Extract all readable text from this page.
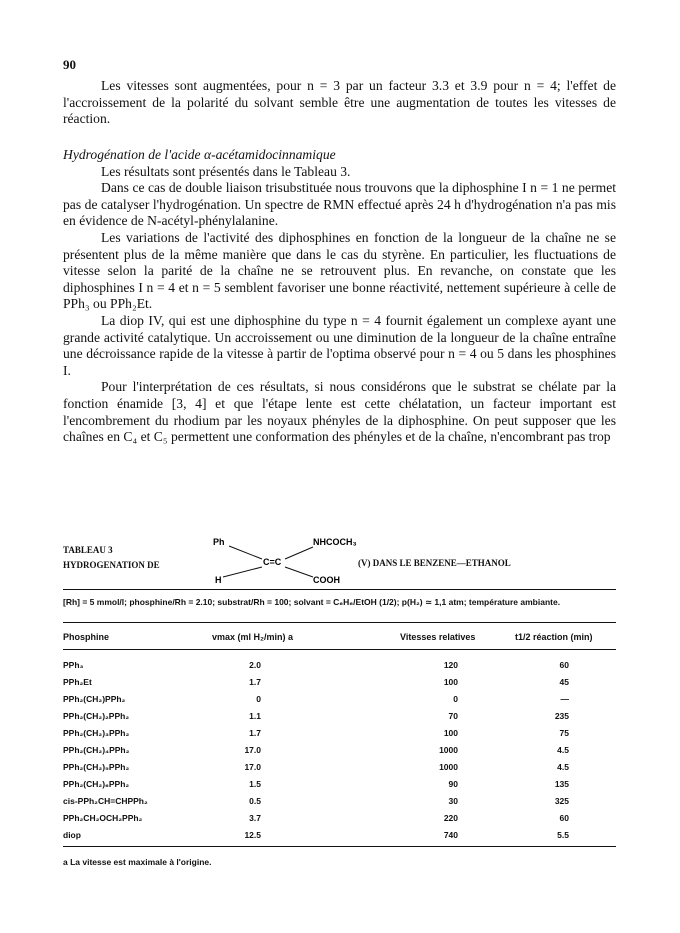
90

Les vitesses sont augmentées, pour n = 3 par un facteur 3.3 et 3.9 pour n = 4; l'effet de l'accroissement de la polarité du solvant semble être une augmentation de toutes les vitesses de réaction.

Hydrogénation de l'acide α-acétamidocinnamique

Les résultats sont présentés dans le Tableau 3.

Dans ce cas de double liaison trisubstituée nous trouvons que la diphosphine I n = 1 ne permet pas de catalyser l'hydrogénation. Un spectre de RMN effectué après 24 h d'hydrogénation n'a pas mis en évidence de N-acétyl-phénylalanine.

Les variations de l'activité des diphosphines en fonction de la longueur de la chaîne ne se présentent plus de la même manière que dans le cas du styrène. En particulier, les fluctuations de vitesse selon la parité de la chaîne ne se retrouvent plus. En revanche, on constate que les diphosphines I n = 4 et n = 5 semblent favoriser une bonne réactivité, nettement supérieure à celle de PPh₃ ou PPh₂Et.

La diop IV, qui est une diphosphine du type n = 4 fournit également un complexe ayant une grande activité catalytique. Un accroissement ou une diminution de la longueur de la chaîne entraîne une décroissance rapide de la vitesse à partir de l'optima observé pour n = 4 ou 5 dans les phosphines I.

Pour l'interprétation de ces résultats, si nous considérons que le substrat se chélate par la fonction énamide [3, 4] et que l'étape lente est cette chélatation, un facteur important est l'encombrement du rhodium par les noyaux phényles de la diphosphine. On peut supposer que les chaînes en C₄ et C₅ permettent une conformation des phényles et de la chaîne, n'encombrant pas trop

TABLEAU 3
HYDROGENATION DE
Ph
H
C=C
NHCOCH₃
COOH
(V) DANS LE BENZENE—ETHANOL
[Rh] = 5 mmol/l; phosphine/Rh = 2.10; substrat/Rh = 100; solvant = C₆H₆/EtOH (1/2); p(H₂) ≃ 1,1 atm; température ambiante.
Phosphine	vmax (ml H₂/min) a	Vitesses relatives	t1/2 réaction (min)
PPh₃	2.0	120	60
PPh₂Et	1.7	100	45
PPh₂(CH₂)PPh₂	0	0	—
PPh₂(CH₂)₂PPh₂	1.1	70	235
PPh₂(CH₂)₃PPh₂	1.7	100	75
PPh₂(CH₂)₄PPh₂	17.0	1000	4.5
PPh₂(CH₂)₅PPh₂	17.0	1000	4.5
PPh₂(CH₂)₆PPh₂	1.5	90	135
cis-PPh₂CH=CHPPh₂	0.5	30	325
PPh₂CH₂OCH₂PPh₂	3.7	220	60
diop	12.5	740	5.5
a La vitesse est maximale à l'origine.
